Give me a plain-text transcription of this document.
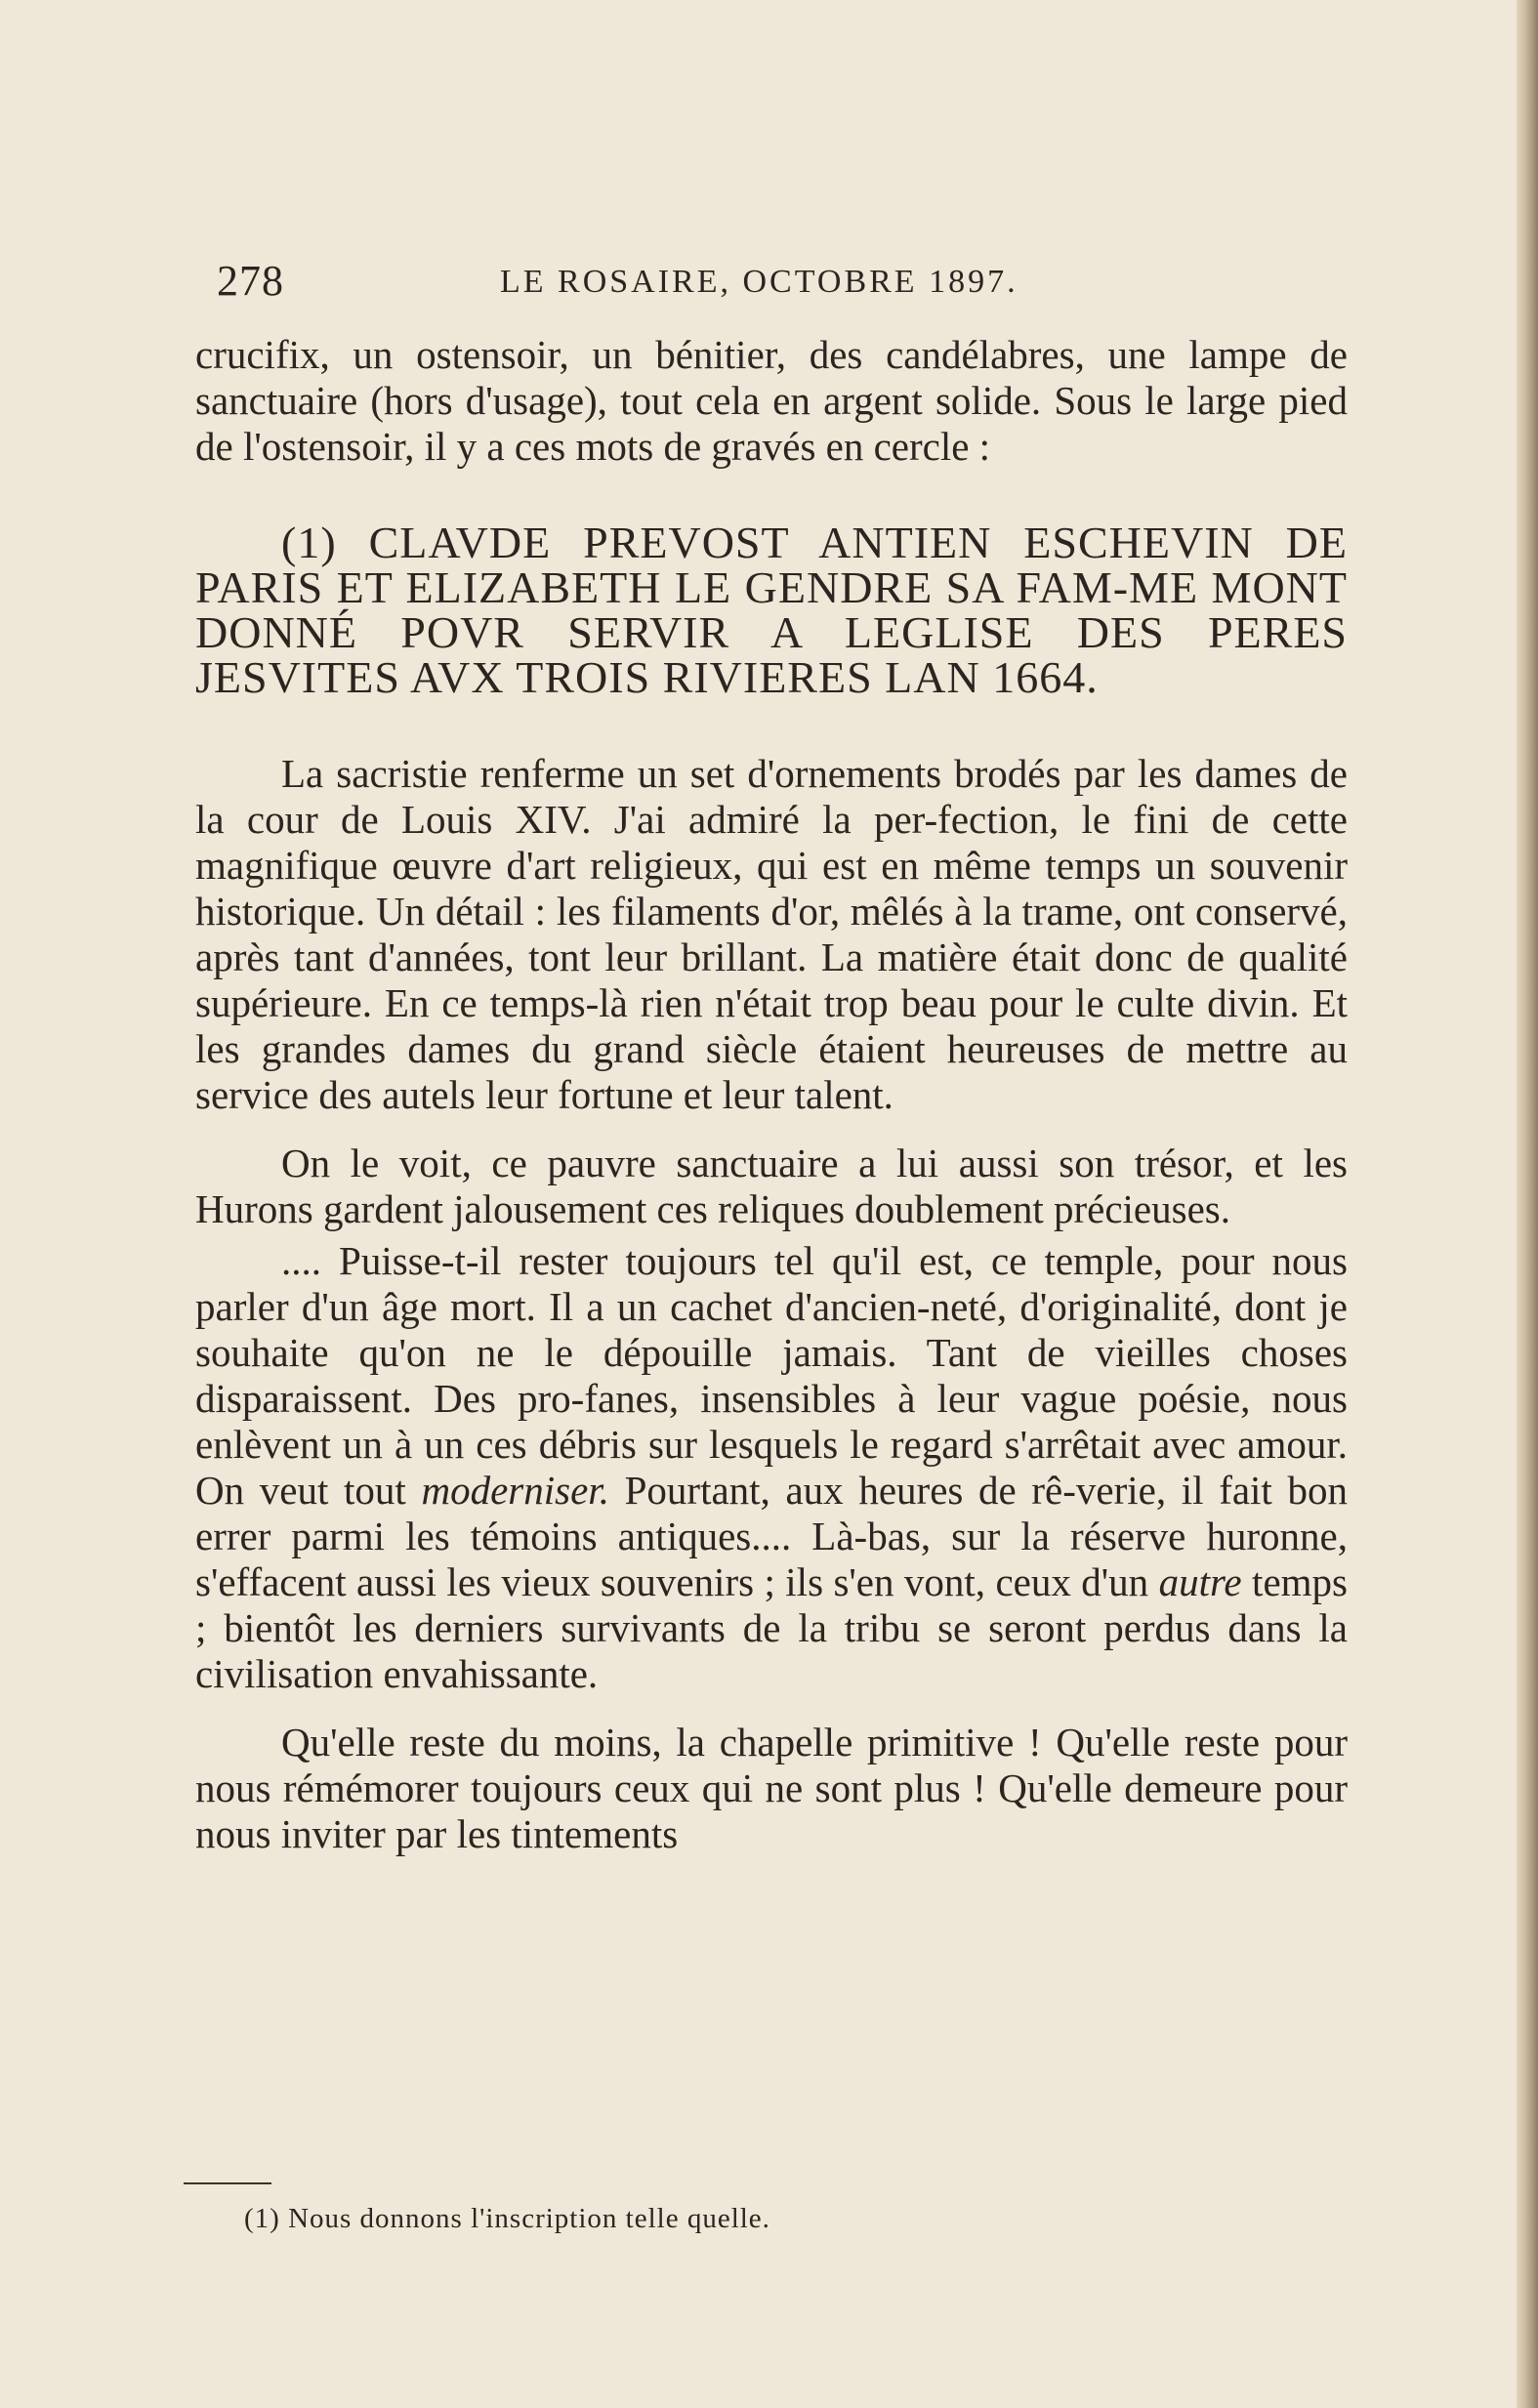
278	LE ROSAIRE, OCTOBRE 1897.

crucifix, un ostensoir, un bénitier, des candélabres, une lampe de sanctuaire (hors d'usage), tout cela en argent solide. Sous le large pied de l'ostensoir, il y a ces mots de gravés en cercle :

(1) CLAVDE PREVOST ANTIEN ESCHEVIN DE PARIS ET ELIZABETH LE GENDRE SA FAM-ME MONT DONNÉ POVR SERVIR A LEGLISE DES PERES JESVITES AVX TROIS RIVIERES LAN 1664.

La sacristie renferme un set d'ornements brodés par les dames de la cour de Louis XIV. J'ai admiré la per-fection, le fini de cette magnifique œuvre d'art religieux, qui est en même temps un souvenir historique. Un détail : les filaments d'or, mêlés à la trame, ont conservé, après tant d'années, tont leur brillant. La matière était donc de qualité supérieure. En ce temps-là rien n'était trop beau pour le culte divin. Et les grandes dames du grand siècle étaient heureuses de mettre au service des autels leur fortune et leur talent.

On le voit, ce pauvre sanctuaire a lui aussi son trésor, et les Hurons gardent jalousement ces reliques doublement précieuses.

.... Puisse-t-il rester toujours tel qu'il est, ce temple, pour nous parler d'un âge mort. Il a un cachet d'ancien-neté, d'originalité, dont je souhaite qu'on ne le dépouille jamais. Tant de vieilles choses disparaissent. Des pro-fanes, insensibles à leur vague poésie, nous enlèvent un à un ces débris sur lesquels le regard s'arrêtait avec amour. On veut tout moderniser. Pourtant, aux heures de rê-verie, il fait bon errer parmi les témoins antiques.... Là-bas, sur la réserve huronne, s'effacent aussi les vieux souvenirs ; ils s'en vont, ceux d'un autre temps ; bientôt les derniers survivants de la tribu se seront perdus dans la civilisation envahissante.

Qu'elle reste du moins, la chapelle primitive ! Qu'elle reste pour nous rémémorer toujours ceux qui ne sont plus ! Qu'elle demeure pour nous inviter par les tintements

(1) Nous donnons l'inscription telle quelle.
